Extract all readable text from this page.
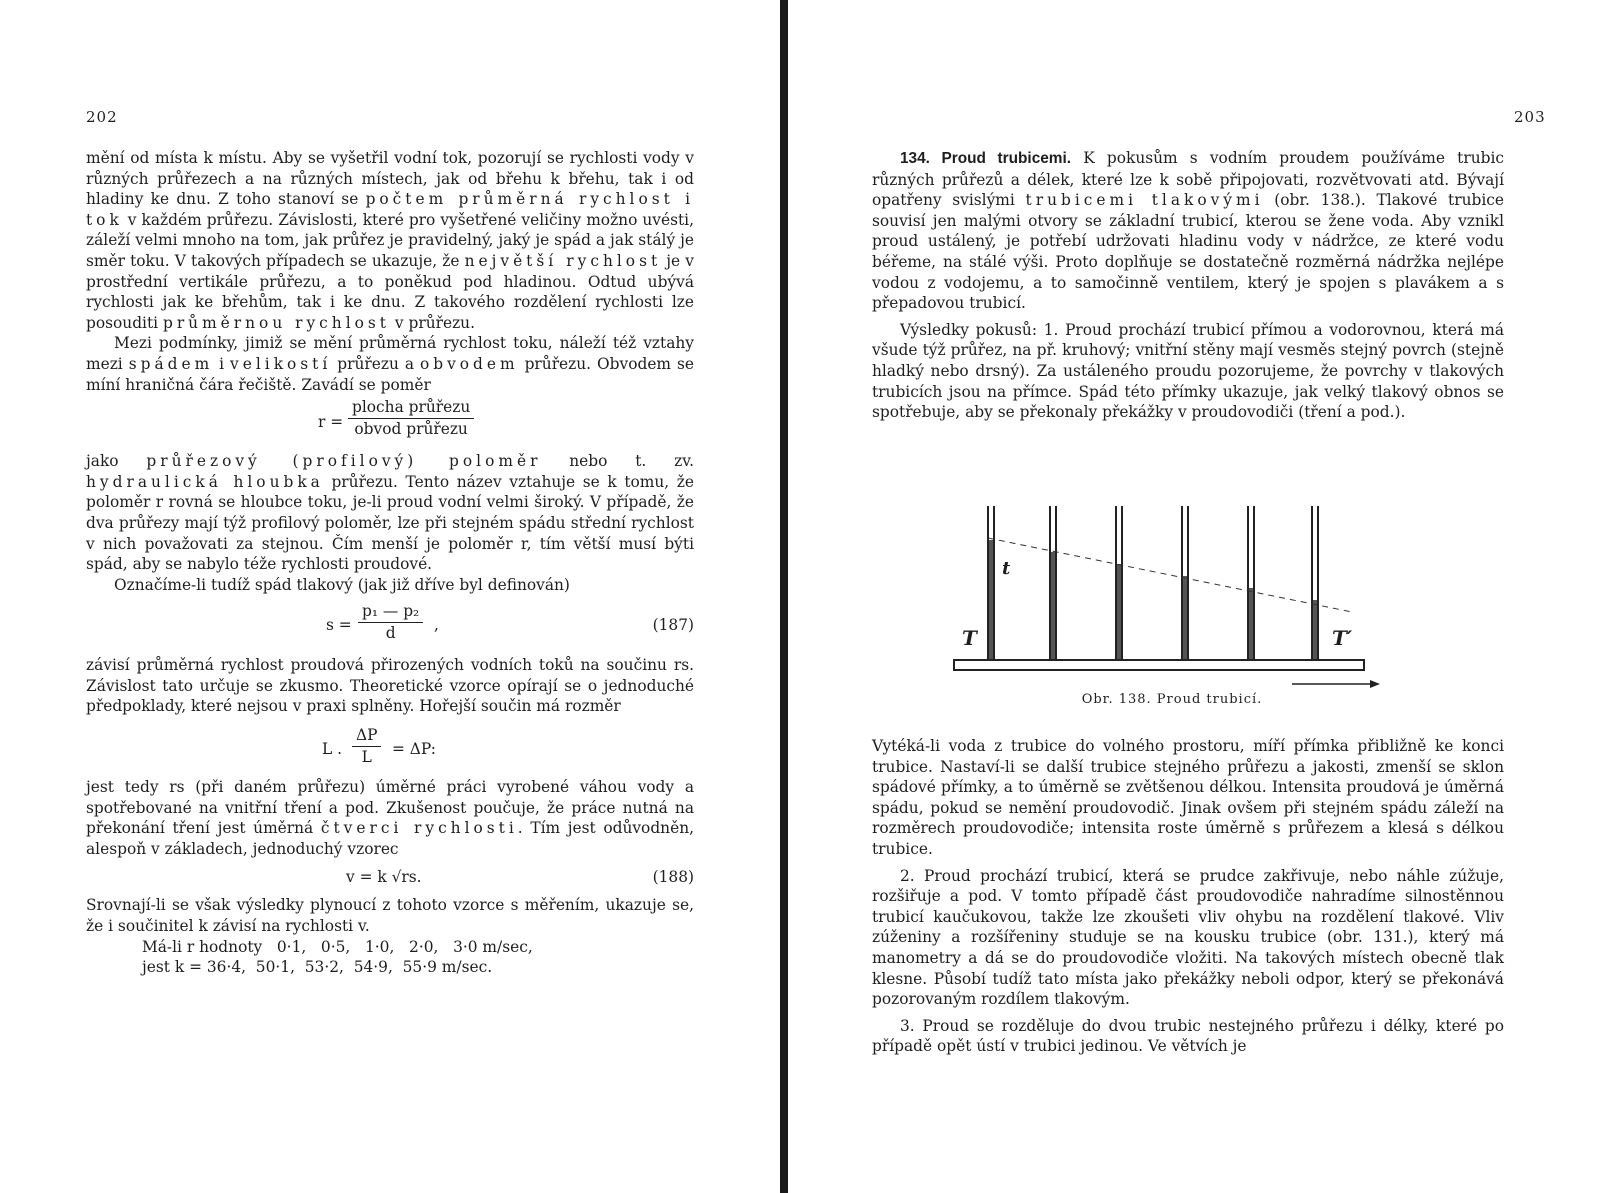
202

mění od místa k místu. Aby se vyšetřil vodní tok, pozorují se rychlosti vody v různých průřezech a na různých místech, jak od břehu k břehu, tak i od hladiny ke dnu. Z toho stanoví se počtem průměrná rychlost i tok v každém průřezu. Závislosti, které pro vyšetřené veličiny možno uvésti, záleží velmi mnoho na tom, jak průřez je pravidelný, jaký je spád a jak stálý je směr toku. V takových případech se ukazuje, že největší rychlost je v prostřední vertikále průřezu, a to poněkud pod hladinou. Odtud ubývá rychlosti jak ke břehům, tak i ke dnu. Z takového rozdělení rychlosti lze posouditi průměrnou rychlost v průřezu.

Mezi podmínky, jimiž se mění průměrná rychlost toku, náleží též vztahy mezi spádem i velikostí průřezu a obvodem průřezu. Obvodem se míní hraničná čára řečiště. Zavádí se poměr

r =
plocha průřezu
obvod průřezu

jako průřezový (profilový) poloměr nebo t. zv. hydraulická hloubka průřezu. Tento název vztahuje se k tomu, že poloměr r rovná se hloubce toku, je-li proud vodní velmi široký. V případě, že dva průřezy mají týž profilový poloměr, lze při stejném spádu střední rychlost v nich považovati za stejnou. Čím menší je poloměr r, tím větší musí býti spád, aby se nabylo téže rychlosti proudové.

Označíme-li tudíž spád tlakový (jak již dříve byl definován)

$s = \frac{\text{p₁ — p₂}}{d}$ ,	(187)

závisí průměrná rychlost proudová přirozených vodních toků na součinu rs. Závislost tato určuje se zkusmo. Theoretické vzorce opírají se o jednoduché předpoklady, které nejsou v praxi splněny. Hořejší součin má rozměr

L . $\frac{\Delta P}{L} = \Delta P$:

jest tedy rs (při daném průřezu) úměrné práci vyrobené váhou vody a spotřebované na vnitřní tření a pod. Zkušenost poučuje, že práce nutná na překonání tření jest úměrná čtverci rychlosti. Tím jest odůvodněn, alespoň v základech, jednoduchý vzorec

v = k √rs.	(188)

Srovnají-li se však výsledky plynoucí z tohoto vzorce s měřením, ukazuje se, že i součinitel k závisí na rychlosti v.

Má-li r hodnoty   0·1,   0·5,   1·0,   2·0,   3·0 m/sec,

jest k = 36·4,  50·1,  53·2,  54·9,  55·9 m/sec.

203

134. Proud trubicemi. K pokusům s vodním proudem používáme trubic různých průřezů a délek, které lze k sobě připojovati, rozvětvovati atd. Bývají opatřeny svislými trubicemi tlakovými (obr. 138.). Tlakové trubice souvisí jen malými otvory se základní trubicí, kterou se žene voda. Aby vznikl proud ustálený, je potřebí udržovati hladinu vody v nádržce, ze které vodu béřeme, na stálé výši. Proto doplňuje se dostatečně rozměrná nádržka nejlépe vodou z vodojemu, a to samočinně ventilem, který je spojen s plavákem a s přepadovou trubicí.

Výsledky pokusů: 1. Proud prochází trubicí přímou a vodorovnou, která má všude týž průřez, na př. kruhový; vnitřní stěny mají vesměs stejný povrch (stejně hladký nebo drsný). Za ustáleného proudu pozorujeme, že povrchy v tlakových trubicích jsou na přímce. Spád této přímky ukazuje, jak velký tlakový obnos se spotřebuje, aby se překonaly překážky v proudovodiči (tření a pod.).

t
T	T′
Obr. 138. Proud trubicí.

Vytéká-li voda z trubice do volného prostoru, míří přímka přibližně ke konci trubice. Nastaví-li se další trubice stejného průřezu a jakosti, zmenší se sklon spádové přímky, a to úměrně se zvětšenou délkou. Intensita proudová je úměrná spádu, pokud se nemění proudovodič. Jinak ovšem při stejném spádu záleží na rozměrech proudovodiče; intensita roste úměrně s průřezem a klesá s délkou trubice.

2. Proud prochází trubicí, která se prudce zakřivuje, nebo náhle zúžuje, rozšiřuje a pod. V tomto případě část proudovodiče nahradíme silnostěnnou trubicí kaučukovou, takže lze zkoušeti vliv ohybu na rozdělení tlakové. Vliv zúženiny a rozšířeniny studuje se na kousku trubice (obr. 131.), který má manometry a dá se do proudovodiče vložiti. Na takových místech obecně tlak klesne. Působí tudíž tato místa jako překážky neboli odpor, který se překonává pozorovaným rozdílem tlakovým.

3. Proud se rozděluje do dvou trubic nestejného průřezu i délky, které po případě opět ústí v trubici jedinou. Ve větvích je
